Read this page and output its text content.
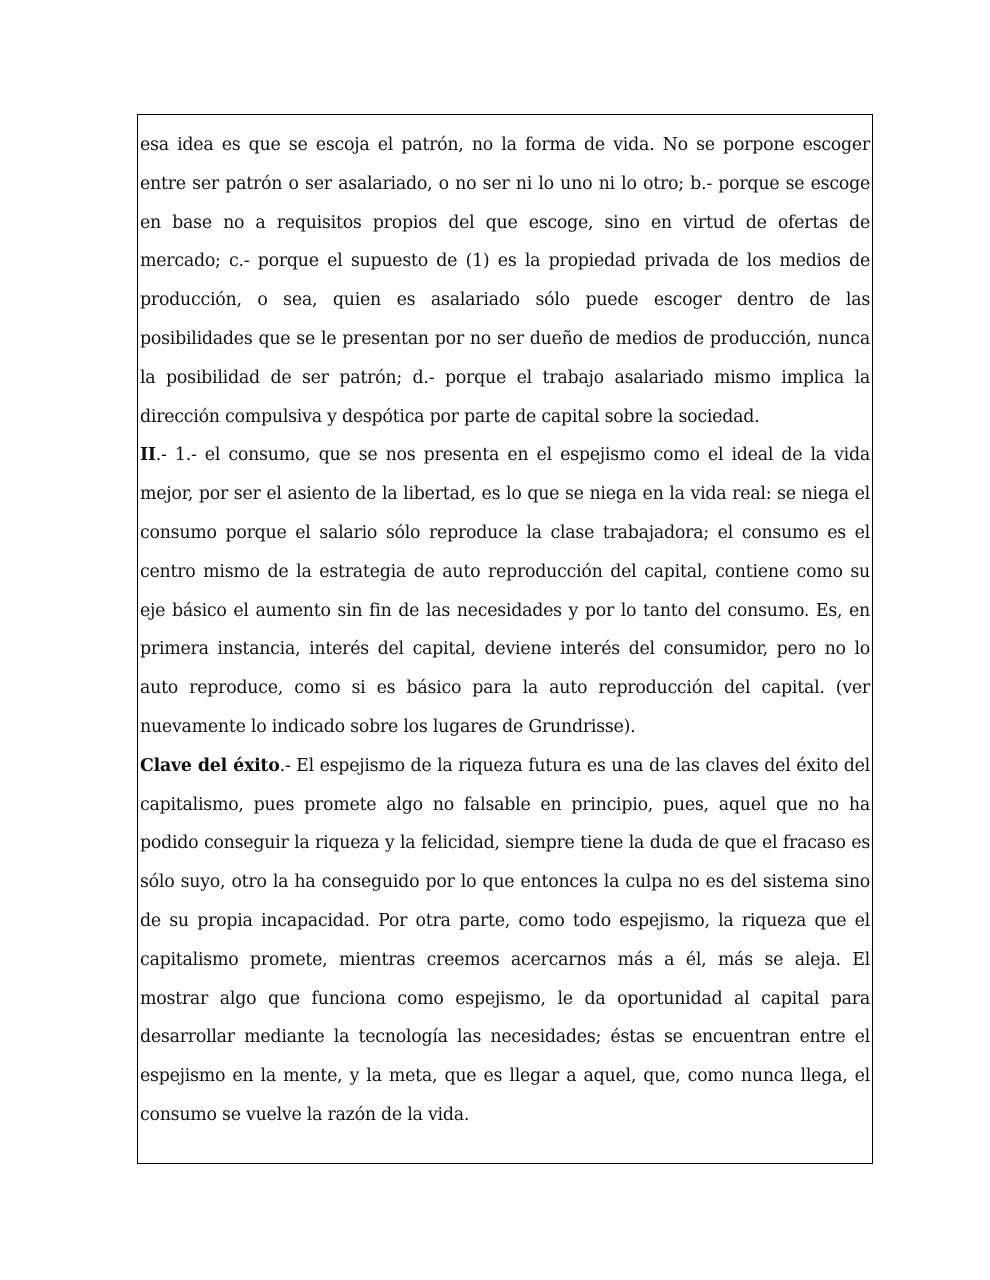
esa idea es que se escoja el patrón, no la forma de vida. No se porpone escoger entre ser patrón o ser asalariado, o no ser ni lo uno ni lo otro; b.- porque se escoge en base no a requisitos propios del que escoge, sino en virtud de ofertas de mercado; c.- porque el supuesto de (1) es la propiedad privada de los medios de producción, o sea, quien es asalariado sólo puede escoger dentro de las posibilidades que se le presentan por no ser dueño de medios de producción, nunca la posibilidad de ser patrón; d.- porque el trabajo asalariado mismo implica la dirección compulsiva y despótica por parte de capital sobre la sociedad.

II.- 1.- el consumo, que se nos presenta en el espejismo como el ideal de la vida mejor, por ser el asiento de la libertad, es lo que se niega en la vida real: se niega el consumo porque el salario sólo reproduce la clase trabajadora; el consumo es el centro mismo de la estrategia de auto reproducción del capital, contiene como su eje básico el aumento sin fin de las necesidades y por lo tanto del consumo. Es, en primera instancia, interés del capital, deviene interés del consumidor, pero no lo auto reproduce, como si es básico para la auto reproducción del capital. (ver nuevamente lo indicado sobre los lugares de Grundrisse).

Clave del éxito.- El espejismo de la riqueza futura es una de las claves del éxito del capitalismo, pues promete algo no falsable en principio, pues, aquel que no ha podido conseguir la riqueza y la felicidad, siempre tiene la duda de que el fracaso es sólo suyo, otro la ha conseguido por lo que entonces la culpa no es del sistema sino de su propia incapacidad. Por otra parte, como todo espejismo, la riqueza que el capitalismo promete, mientras creemos acercarnos más a él, más se aleja. El mostrar algo que funciona como espejismo, le da oportunidad al capital para desarrollar mediante la tecnología las necesidades; éstas se encuentran entre el espejismo en la mente, y la meta, que es llegar a aquel, que, como nunca llega, el consumo se vuelve la razón de la vida.
